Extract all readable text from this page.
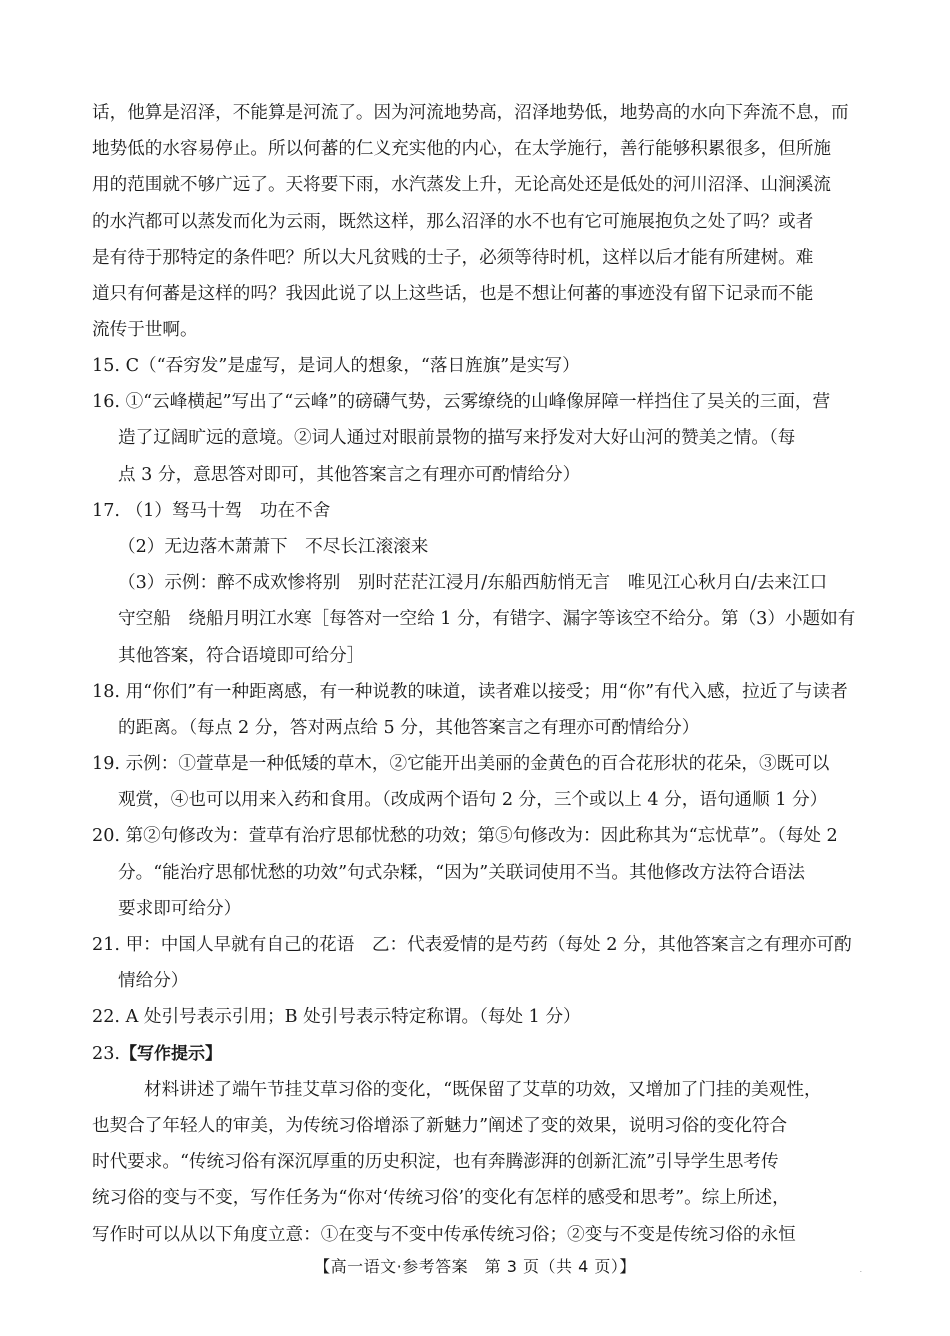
话，他算是沼泽，不能算是河流了。因为河流地势高，沼泽地势低，地势高的水向下奔流不息，而
地势低的水容易停止。所以何蕃的仁义充实他的内心，在太学施行，善行能够积累很多，但所施
用的范围就不够广远了。天将要下雨，水汽蒸发上升，无论高处还是低处的河川沼泽、山涧溪流
的水汽都可以蒸发而化为云雨，既然这样，那么沼泽的水不也有它可施展抱负之处了吗？或者
是有待于那特定的条件吧？所以大凡贫贱的士子，必须等待时机，这样以后才能有所建树。难
道只有何蕃是这样的吗？我因此说了以上这些话，也是不想让何蕃的事迹没有留下记录而不能
流传于世啊。
15. C（“吞穷发”是虚写，是词人的想象，“落日旌旗”是实写）
16. ①“云峰横起”写出了“云峰”的磅礴气势，云雾缭绕的山峰像屏障一样挡住了吴关的三面，营
造了辽阔旷远的意境。②词人通过对眼前景物的描写来抒发对大好山河的赞美之情。（每
点 3 分，意思答对即可，其他答案言之有理亦可酌情给分）
17. （1）驽马十驾　功在不舍
（2）无边落木萧萧下　不尽长江滚滚来
（3）示例：醉不成欢惨将别　别时茫茫江浸月/东船西舫悄无言　唯见江心秋月白/去来江口
守空船　绕船月明江水寒［每答对一空给 1 分，有错字、漏字等该空不给分。第（3）小题如有
其他答案，符合语境即可给分］
18. 用“你们”有一种距离感，有一种说教的味道，读者难以接受；用“你”有代入感，拉近了与读者
的距离。（每点 2 分，答对两点给 5 分，其他答案言之有理亦可酌情给分）
19. 示例：①萱草是一种低矮的草木，②它能开出美丽的金黄色的百合花形状的花朵，③既可以
观赏，④也可以用来入药和食用。（改成两个语句 2 分，三个或以上 4 分，语句通顺 1 分）
20. 第②句修改为：萱草有治疗思郁忧愁的功效；第⑤句修改为：因此称其为“忘忧草”。（每处 2
分。“能治疗思郁忧愁的功效”句式杂糅，“因为”关联词使用不当。其他修改方法符合语法
要求即可给分）
21. 甲：中国人早就有自己的花语　乙：代表爱情的是芍药（每处 2 分，其他答案言之有理亦可酌
情给分）
22. A 处引号表示引用；B 处引号表示特定称谓。（每处 1 分）
23.【写作提示】
材料讲述了端午节挂艾草习俗的变化，“既保留了艾草的功效，又增加了门挂的美观性，
也契合了年轻人的审美，为传统习俗增添了新魅力”阐述了变的效果，说明习俗的变化符合
时代要求。“传统习俗有深沉厚重的历史积淀，也有奔腾澎湃的创新汇流”引导学生思考传
统习俗的变与不变，写作任务为“你对‘传统习俗’的变化有怎样的感受和思考”。综上所述，
写作时可以从以下角度立意：①在变与不变中传承传统习俗；②变与不变是传统习俗的永恒
【高一语文·参考答案　第 3 页（共 4 页）】	·
